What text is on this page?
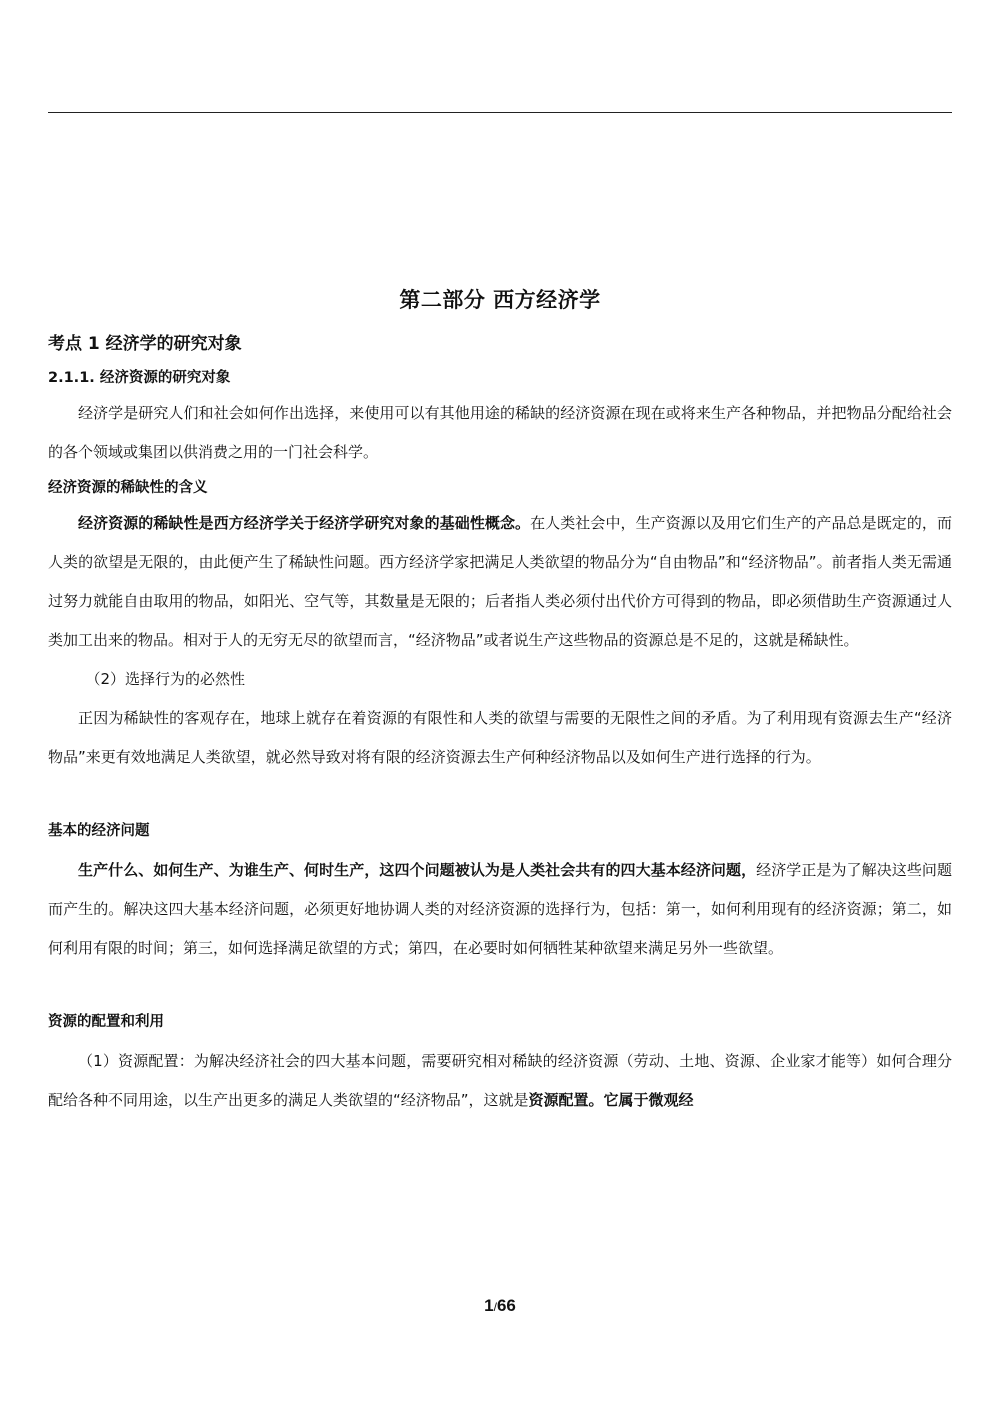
第二部分 西方经济学
考点 1 经济学的研究对象
2.1.1. 经济资源的研究对象

经济学是研究人们和社会如何作出选择，来使用可以有其他用途的稀缺的经济资源在现在或将来生产各种物品，并把物品分配给社会的各个领域或集团以供消费之用的一门社会科学。

经济资源的稀缺性的含义

经济资源的稀缺性是西方经济学关于经济学研究对象的基础性概念。在人类社会中，生产资源以及用它们生产的产品总是既定的，而人类的欲望是无限的，由此便产生了稀缺性问题。西方经济学家把满足人类欲望的物品分为“自由物品”和“经济物品”。前者指人类无需通过努力就能自由取用的物品，如阳光、空气等，其数量是无限的；后者指人类必须付出代价方可得到的物品，即必须借助生产资源通过人类加工出来的物品。相对于人的无穷无尽的欲望而言，“经济物品”或者说生产这些物品的资源总是不足的，这就是稀缺性。

（2）选择行为的必然性

正因为稀缺性的客观存在，地球上就存在着资源的有限性和人类的欲望与需要的无限性之间的矛盾。为了利用现有资源去生产“经济物品”来更有效地满足人类欲望，就必然导致对将有限的经济资源去生产何种经济物品以及如何生产进行选择的行为。

基本的经济问题

生产什么、如何生产、为谁生产、何时生产，这四个问题被认为是人类社会共有的四大基本经济问题，经济学正是为了解决这些问题而产生的。解决这四大基本经济问题，必须更好地协调人类的对经济资源的选择行为，包括：第一，如何利用现有的经济资源；第二，如何利用有限的时间；第三，如何选择满足欲望的方式；第四，在必要时如何牺牲某种欲望来满足另外一些欲望。

资源的配置和利用

（1）资源配置：为解决经济社会的四大基本问题，需要研究相对稀缺的经济资源（劳动、土地、资源、企业家才能等）如何合理分配给各种不同用途，以生产出更多的满足人类欲望的“经济物品”，这就是资源配置。它属于微观经

1/66
